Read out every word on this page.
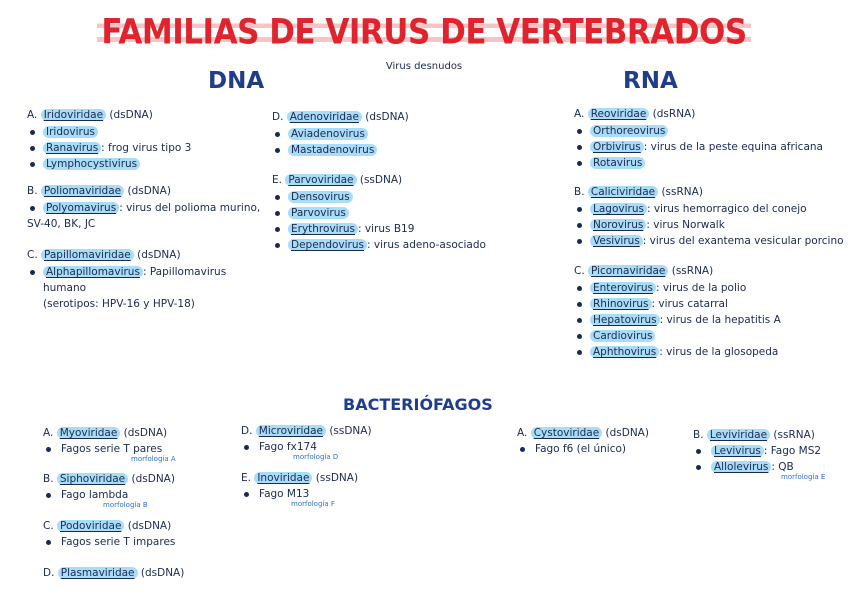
FAMILIAS DE VIRUS DE VERTEBRADOS
Virus desnudos
DNA	RNA
A. Iridoviridae (dsDNA)
Iridovirus
Ranavirus : frog virus tipo 3
Lymphocystivirus
B. Poliomaviridae (dsDNA)
Polyomavirus : virus del polioma murino,
SV-40, BK, JC
C. Papillomaviridae (dsDNA)
Alphapillomavirus : Papillomavirus humano
(serotipos: HPV-16 y HPV-18)
D. Adenoviridae (dsDNA)
Aviadenovirus
Mastadenovirus
E. Parvoviridae (ssDNA)
Densovirus
Parvovirus
Erythrovirus : virus B19
Dependovirus : virus adeno-asociado
A. Reoviridae (dsRNA)
Orthoreovirus
Orbivirus : virus de la peste equina africana
Rotavirus
B. Caliciviridae (ssRNA)
Lagovirus : virus hemorragico del conejo
Norovirus : virus Norwalk
Vesivirus : virus del exantema vesicular porcino
C. Picornaviridae (ssRNA)
Enterovirus : virus de la polio
Rhinovirus : virus catarral
Hepatovirus : virus de la hepatitis A
Cardiovirus
Aphthovirus : virus de la glosopeda
BACTERIÓFAGOS
A. Myoviridae (dsDNA)
Fagos serie T pares
morfología A
B. Siphoviridae (dsDNA)
Fago lambda
morfología B
C. Podoviridae (dsDNA)
Fagos serie T impares
D. Plasmaviridae (dsDNA)
D. Microviridae (ssDNA)
Fago fx174
morfología D
E. Inoviridae (ssDNA)
Fago M13
morfología F
A. Cystoviridae (dsDNA)
Fago f6 (el único)
B. Leviviridae (ssRNA)
Levivirus : Fago MS2
Allolevirus : QB
morfología E
